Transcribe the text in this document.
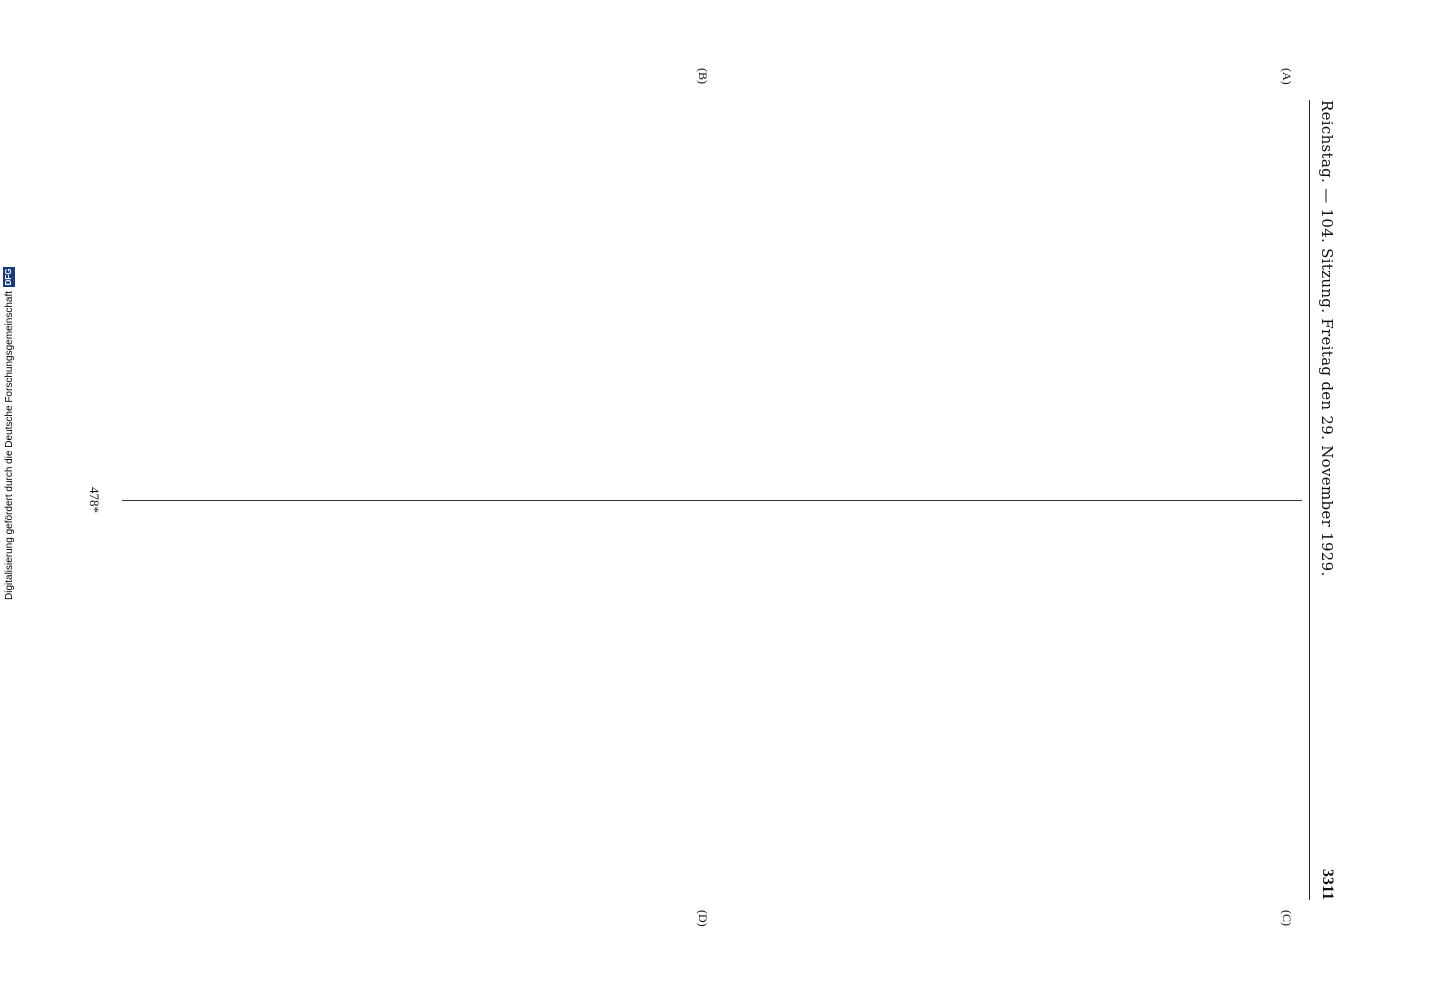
Digitalisierung gefördert durch die Deutsche Forschungsgemeinschaft
DFG	Reichstag. — 104. Sitzung. Freitag den 29. November 1929.
3311
(A)
(B)
(C)
(D)
478*
